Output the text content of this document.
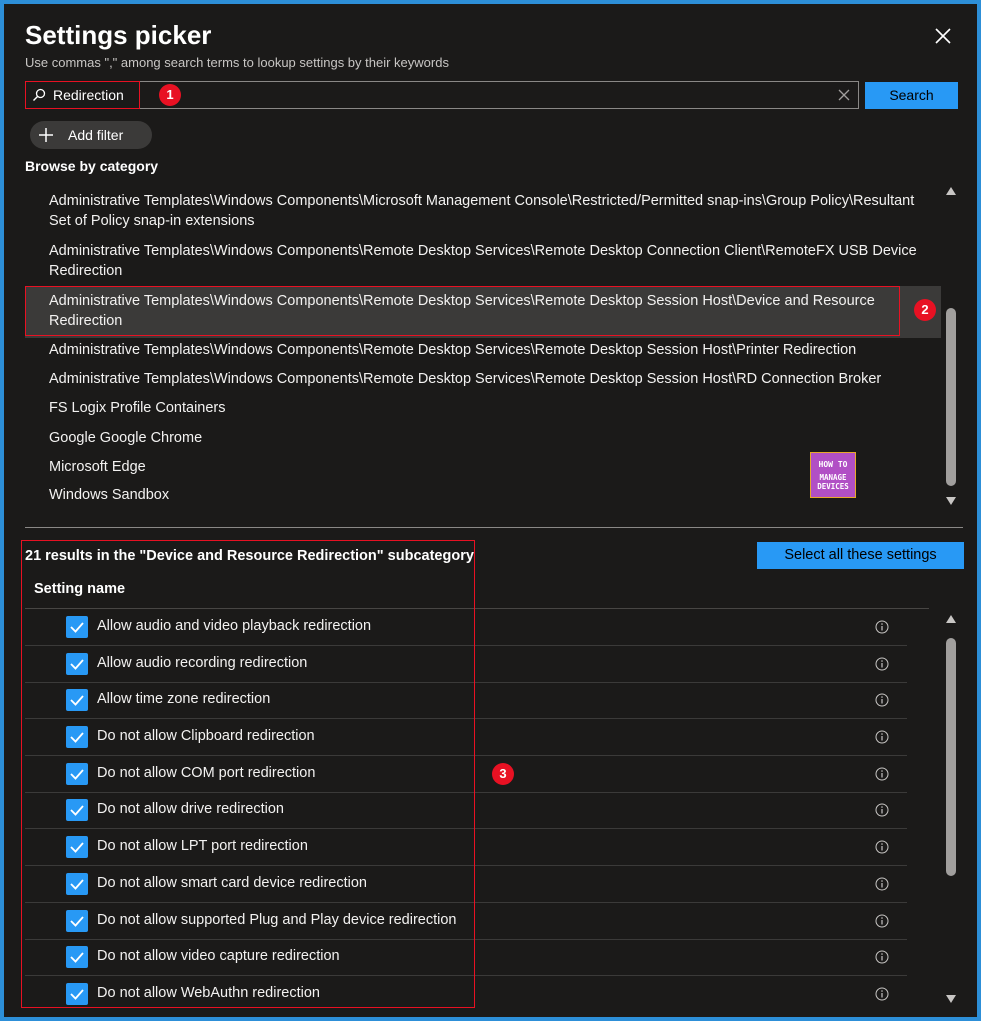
Settings picker
Use commas "," among search terms to lookup settings by their keywords
Redirection
Search
Add filter
Browse by category
Administrative Templates\Windows Components\Microsoft Management Console\Restricted/Permitted snap-ins\Group Policy\Resultant Set of Policy snap-in extensions
Administrative Templates\Windows Components\Remote Desktop Services\Remote Desktop Connection Client\RemoteFX USB Device Redirection
Administrative Templates\Windows Components\Remote Desktop Services\Remote Desktop Session Host\Device and Resource Redirection
Administrative Templates\Windows Components\Remote Desktop Services\Remote Desktop Session Host\Printer Redirection
Administrative Templates\Windows Components\Remote Desktop Services\Remote Desktop Session Host\RD Connection Broker
FS Logix Profile Containers
Google Google Chrome
Microsoft Edge
Windows Sandbox
HOW TO
MANAGE DEVICES
21 results in the "Device and Resource Redirection" subcategory	Select all these settings
Setting name
Allow audio and video playback redirection
Allow audio recording redirection
Allow time zone redirection
Do not allow Clipboard redirection
Do not allow COM port redirection
Do not allow drive redirection
Do not allow LPT port redirection
Do not allow smart card device redirection
Do not allow supported Plug and Play device redirection
Do not allow video capture redirection
Do not allow WebAuthn redirection
1
2
3
